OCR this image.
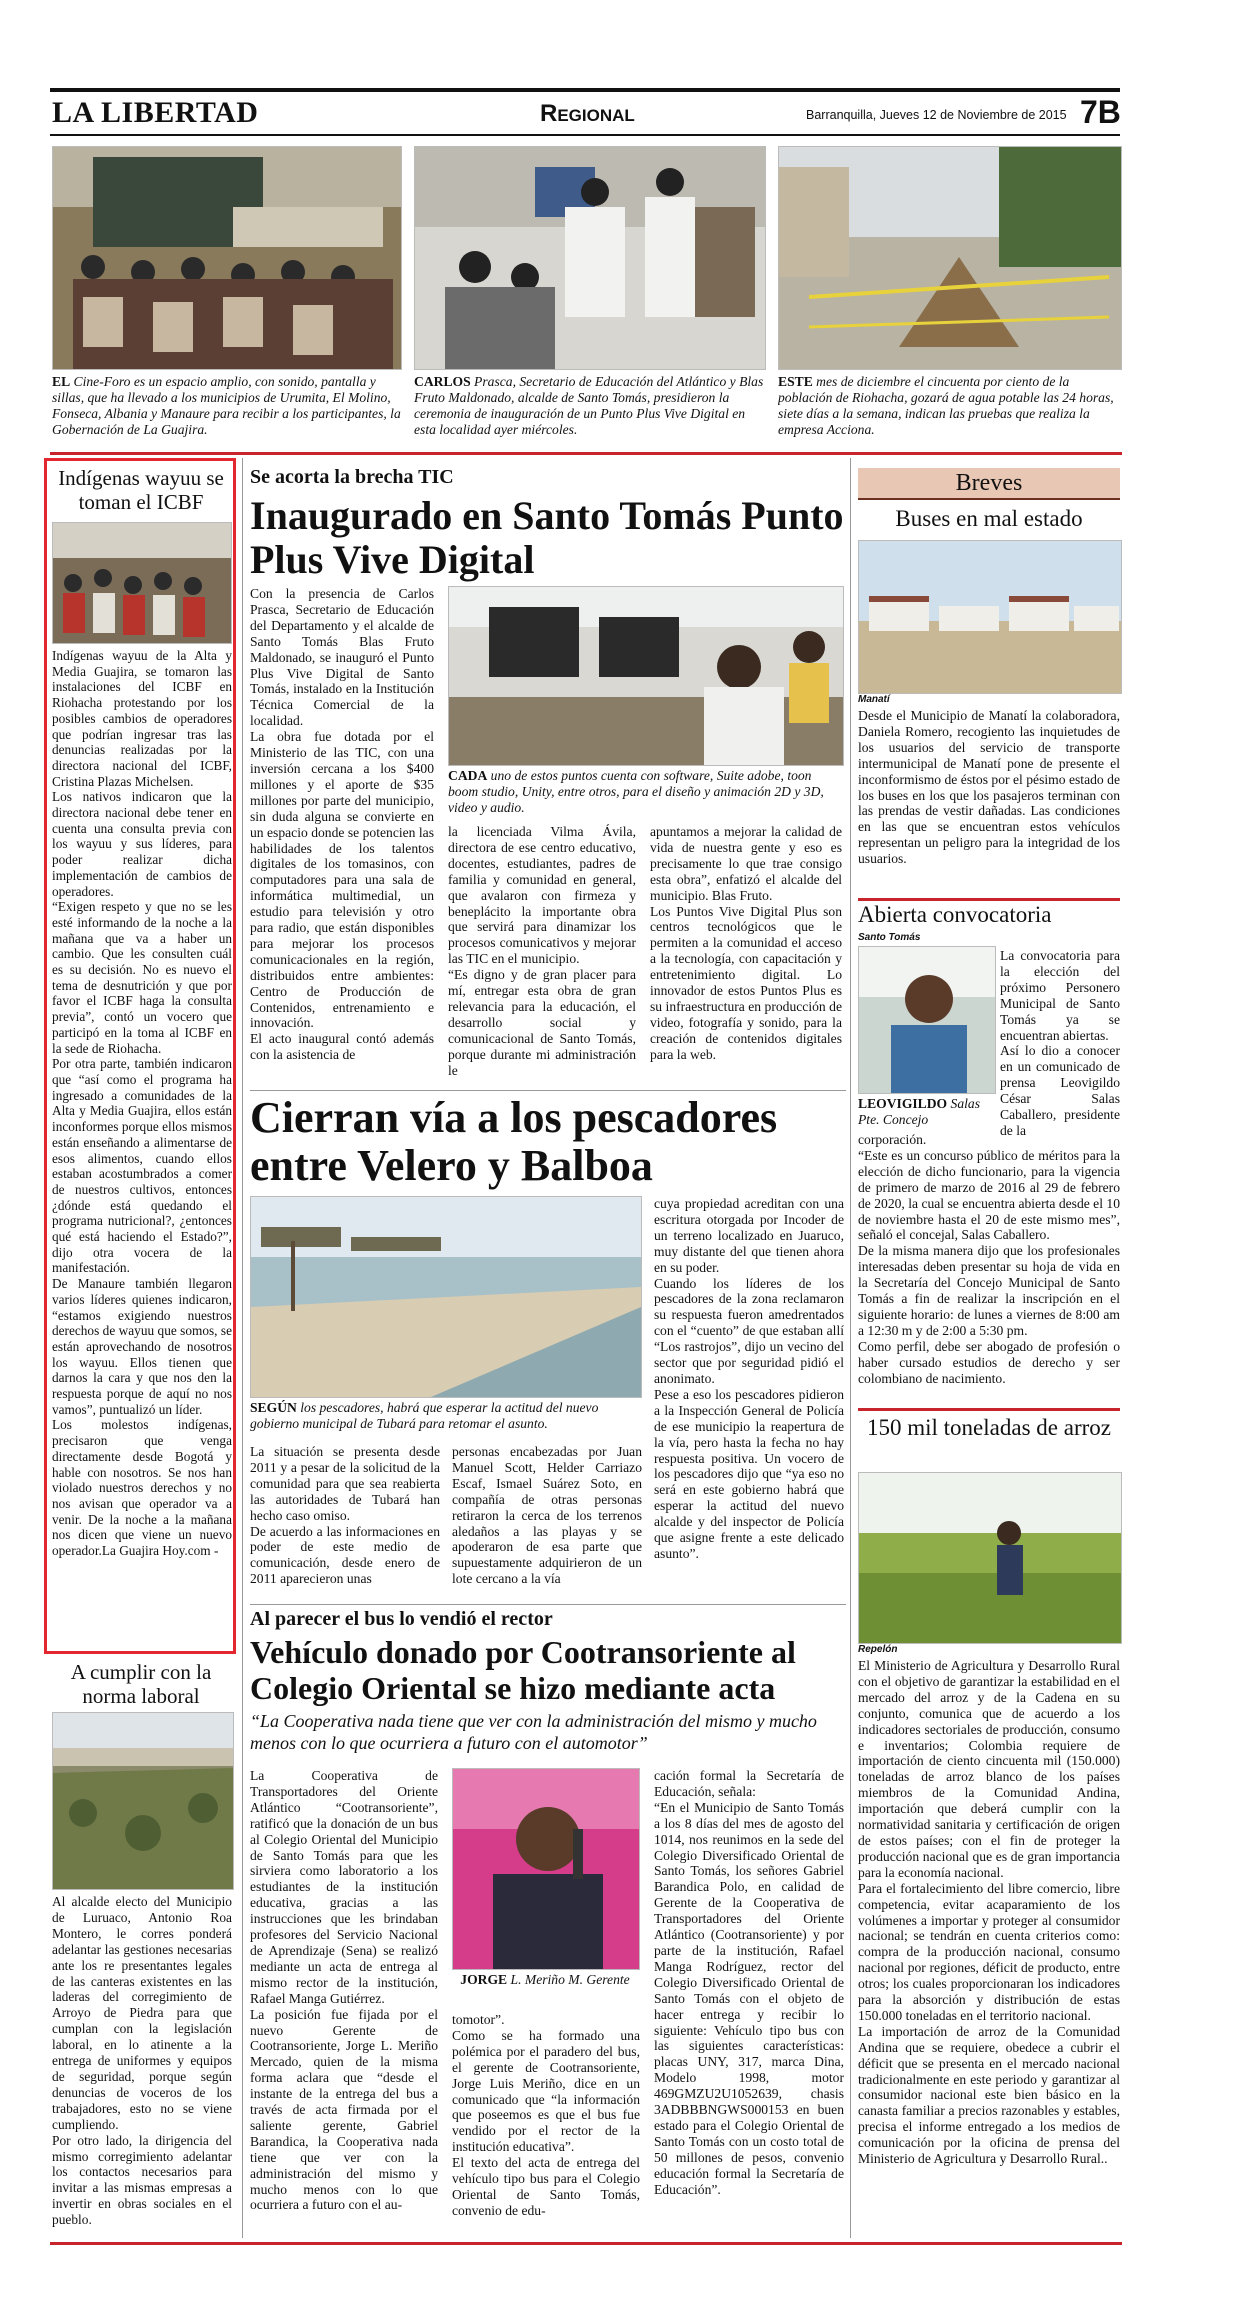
LA LIBERTAD	Regional	Barranquilla, Jueves 12 de Noviembre de 2015 7B
EL Cine-Foro es un espacio amplio, con sonido, pantalla y sillas, que ha llevado a los municipios de Urumita, El Molino, Fonseca, Albania y Manaure para recibir a los participantes, la Gobernación de La Guajira.
CARLOS Prasca, Secretario de Educación del Atlántico y Blas Fruto Maldonado, alcalde de Santo Tomás, presidieron la ceremonia de inauguración de un Punto Plus Vive Digital en esta localidad ayer miércoles.
ESTE mes de diciembre el cincuenta por ciento de la población de Riohacha, gozará de agua potable las 24 horas, siete días a la semana, indican las pruebas que realiza la empresa Acciona.
Indígenas wayuu se toman el ICBF
Indígenas wayuu de la Alta y Media Guajira, se tomaron las instalaciones del ICBF en Riohacha protestando por los posibles cambios de operadores que podrían ingresar tras las denuncias realizadas por la directora nacional del ICBF, Cristina Plazas Michelsen.
Los nativos indicaron que la directora nacional debe tener en cuenta una consulta previa con los wayuu y sus líderes, para poder realizar dicha implementación de cambios de operadores.
“Exigen respeto y que no se les esté informando de la noche a la mañana que va a haber un cambio. Que les consulten cuál es su decisión. No es nuevo el tema de desnutrición y que por favor el ICBF haga la consulta previa”, contó un vocero que participó en la toma al ICBF en la sede de Riohacha.
Por otra parte, también indicaron que “así como el programa ha ingresado a comunidades de la Alta y Media Guajira, ellos están inconformes porque ellos mismos están enseñando a alimentarse de esos alimentos, cuando ellos estaban acostumbrados a comer de nuestros cultivos, entonces ¿dónde está quedando el programa nutricional?, ¿entonces qué está haciendo el Estado?”, dijo otra vocera de la manifestación.
De Manaure también llegaron varios líderes quienes indicaron, “estamos exigiendo nuestros derechos de wayuu que somos, se están aprovechando de nosotros los wayuu. Ellos tienen que darnos la cara y que nos den la respuesta porque de aquí no nos vamos”, puntualizó un líder.
Los molestos indígenas, precisaron que venga directamente desde Bogotá y hable con nosotros. Se nos han violado nuestros derechos y no nos avisan que operador va a venir. De la noche a la mañana nos dicen que viene un nuevo operador.La Guajira Hoy.com -
A cumplir con la norma laboral
Al alcalde electo del Municipio de Luruaco, Antonio Roa Montero, le corres ponderá adelantar las gestiones necesarias ante los re presentantes legales de las canteras existentes en las laderas del corregimiento de Arroyo de Piedra para que cumplan con la legislación laboral, en lo atinente a la entrega de uniformes y equipos de seguridad, porque según denuncias de voceros de los trabajadores, esto no se viene cumpliendo.
Por otro lado, la dirigencia del mismo corregimiento adelantar los contactos necesarios para invitar a las mismas empresas a invertir en obras sociales en el pueblo.
Se acorta la brecha TIC
Inaugurado en Santo Tomás Punto Plus Vive Digital
Con la presencia de Carlos Prasca, Secretario de Educación del Departamento y el alcalde de Santo Tomás Blas Fruto Maldonado, se inauguró el Punto Plus Vive Digital de Santo Tomás, instalado en la Institución Técnica Comercial de la localidad.
La obra fue dotada por el Ministerio de las TIC, con una inversión cercana a los $400 millones y el aporte de $35 millones por parte del municipio, sin duda alguna se convierte en un espacio donde se potencien las habilidades de los talentos digitales de los tomasinos, con computadores para una sala de informática multimedial, un estudio para televisión y otro para radio, que están disponibles para mejorar los procesos comunicacionales en la región, distribuidos entre ambientes: Centro de Producción de Contenidos, entrenamiento e innovación.
El acto inaugural contó además con la asistencia de
CADA uno de estos puntos cuenta con software, Suite adobe, toon boom studio, Unity, entre otros, para el diseño y animación 2D y 3D, video y audio.
la licenciada Vilma Ávila, directora de ese centro educativo, docentes, estudiantes, padres de familia y comunidad en general, que avalaron con firmeza y beneplácito la importante obra que servirá para dinamizar los procesos comunicativos y mejorar las TIC en el municipio.
“Es digno y de gran placer para mí, entregar esta obra de gran relevancia para la educación, el desarrollo social y comunicacional de Santo Tomás, porque durante mi administración le
apuntamos a mejorar la calidad de vida de nuestra gente y eso es precisamente lo que trae consigo esta obra”, enfatizó el alcalde del municipio. Blas Fruto.
Los Puntos Vive Digital Plus son centros tecnológicos que le permiten a la comunidad el acceso a la tecnología, con capacitación y entretenimiento digital. Lo innovador de estos Puntos Plus es su infraestructura en producción de video, fotografía y sonido, para la creación de contenidos digitales para la web.
Cierran vía a los pescadores entre Velero y Balboa
SEGÚN los pescadores, habrá que esperar la actitud del nuevo gobierno municipal de Tubará para retomar el asunto.
La situación se presenta desde 2011 y a pesar de la solicitud de la comunidad para que sea reabierta las autoridades de Tubará han hecho caso omiso.
De acuerdo a las informaciones en poder de este medio de comunicación, desde enero de 2011 aparecieron unas
personas encabezadas por Juan Manuel Scott, Helder Carriazo Escaf, Ismael Suárez Soto, en compañía de otras personas retiraron la cerca de los terrenos aledaños a las playas y se apoderaron de esa parte que supuestamente adquirieron de un lote cercano a la vía
cuya propiedad acreditan con una escritura otorgada por Incoder de un terreno localizado en Juaruco, muy distante del que tienen ahora en su poder.
Cuando los líderes de los pescadores de la zona reclamaron su respuesta fueron amedrentados con el “cuento” de que estaban allí “Los rastrojos”, dijo un vecino del sector que por seguridad pidió el anonimato.
Pese a eso los pescadores pidieron a la Inspección General de Policía de ese municipio la reapertura de la vía, pero hasta la fecha no hay respuesta positiva. Un vocero de los pescadores dijo que “ya eso no será en este gobierno habrá que esperar la actitud del nuevo alcalde y del inspector de Policía que asigne frente a este delicado asunto”.
Al parecer el bus lo vendió el rector
Vehículo donado por Cootransoriente al Colegio Oriental se hizo mediante acta
“La Cooperativa nada tiene que ver con la administración del mismo y mucho menos con lo que ocurriera a futuro con el automotor”
La Cooperativa de Transportadores del Oriente Atlántico “Cootransoriente”, ratificó que la donación de un bus al Colegio Oriental del Municipio de Santo Tomás para que les sirviera como laboratorio a los estudiantes de la institución educativa, gracias a las instrucciones que les brindaban profesores del Servicio Nacional de Aprendizaje (Sena) se realizó mediante un acta de entrega al mismo rector de la institución, Rafael Manga Gutiérrez.
La posición fue fijada por el nuevo Gerente de Cootransoriente, Jorge L. Meriño Mercado, quien de la misma forma aclara que “desde el instante de la entrega del bus a través de acta firmada por el saliente gerente, Gabriel Barandica, la Cooperativa nada tiene que ver con la administración del mismo y mucho menos con lo que ocurriera a futuro con el au-
JORGE L. Meriño M. Gerente
tomotor”.
Como se ha formado una polémica por el paradero del bus, el gerente de Cootransoriente, Jorge Luis Meriño, dice en un comunicado que “la información que poseemos es que el bus fue vendido por el rector de la institución educativa”.
El texto del acta de entrega del vehículo tipo bus para el Colegio Oriental de Santo Tomás, convenio de edu-
cación formal la Secretaría de Educación, señala:
“En el Municipio de Santo Tomás a los 8 días del mes de agosto del 1014, nos reunimos en la sede del Colegio Diversificado Oriental de Santo Tomás, los señores Gabriel Barandica Polo, en calidad de Gerente de la Cooperativa de Transportadores del Oriente Atlántico (Cootransoriente) y por parte de la institución, Rafael Manga Rodríguez, rector del Colegio Diversificado Oriental de Santo Tomás con el objeto de hacer entrega y recibir lo siguiente: Vehículo tipo bus con las siguientes características: placas UNY, 317, marca Dina, Modelo 1998, motor 469GMZU2U1052639, chasis 3ADBBBNGWS000153 en buen estado para el Colegio Oriental de Santo Tomás con un costo total de 50 millones de pesos, convenio educación formal la Secretaría de Educación”.
Breves
Buses en mal estado
Manatí
Desde el Municipio de Manatí la colaboradora, Daniela Romero, recogiento las inquietudes de los usuarios del servicio de transporte intermunicipal de Manatí pone de presente el inconformismo de éstos por el pésimo estado de los buses en los que los pasajeros terminan con las prendas de vestir dañadas. Las condiciones en las que se encuentran estos vehículos representan un peligro para la integridad de los usuarios.
Abierta convocatoria
Santo Tomás
La convocatoria para la elección del próximo Personero Municipal de Santo Tomás ya se encuentran abiertas.
Así lo dio a conocer en un comunicado de prensa Leovigildo César Salas Caballero, presidente de la
LEOVIGILDO Salas Pte. Concejo
corporación.
“Este es un concurso público de méritos para la elección de dicho funcionario, para la vigencia de primero de marzo de 2016 al 29 de febrero de 2020, la cual se encuentra abierta desde el 10 de noviembre hasta el 20 de este mismo mes”, señaló el concejal, Salas Caballero.
De la misma manera dijo que los profesionales interesadas deben presentar su hoja de vida en la Secretaría del Concejo Municipal de Santo Tomás a fin de realizar la inscripción en el siguiente horario: de lunes a viernes de 8:00 am a 12:30 m y de 2:00 a 5:30 pm.
Como perfil, debe ser abogado de profesión o haber cursado estudios de derecho y ser colombiano de nacimiento.
150 mil toneladas de arroz
Repelón
El Ministerio de Agricultura y Desarrollo Rural con el objetivo de garantizar la estabilidad en el mercado del arroz y de la Cadena en su conjunto, comunica que de acuerdo a los indicadores sectoriales de producción, consumo e inventarios; Colombia requiere de importación de ciento cincuenta mil (150.000) toneladas de arroz blanco de los países miembros de la Comunidad Andina, importación que deberá cumplir con la normatividad sanitaria y certificación de origen de estos países; con el fin de proteger la producción nacional que es de gran importancia para la economía nacional.
Para el fortalecimiento del libre comercio, libre competencia, evitar acaparamiento de los volúmenes a importar y proteger al consumidor nacional; se tendrán en cuenta criterios como: compra de la producción nacional, consumo nacional por regiones, déficit de producto, entre otros; los cuales proporcionaran los indicadores para la absorción y distribución de estas 150.000 toneladas en el territorio nacional.
La importación de arroz de la Comunidad Andina que se requiere, obedece a cubrir el déficit que se presenta en el mercado nacional tradicionalmente en este periodo y garantizar al consumidor nacional este bien básico en la canasta familiar a precios razonables y estables, precisa el informe entregado a los medios de comunicación por la oficina de prensa del Ministerio de Agricultura y Desarrollo Rural..
